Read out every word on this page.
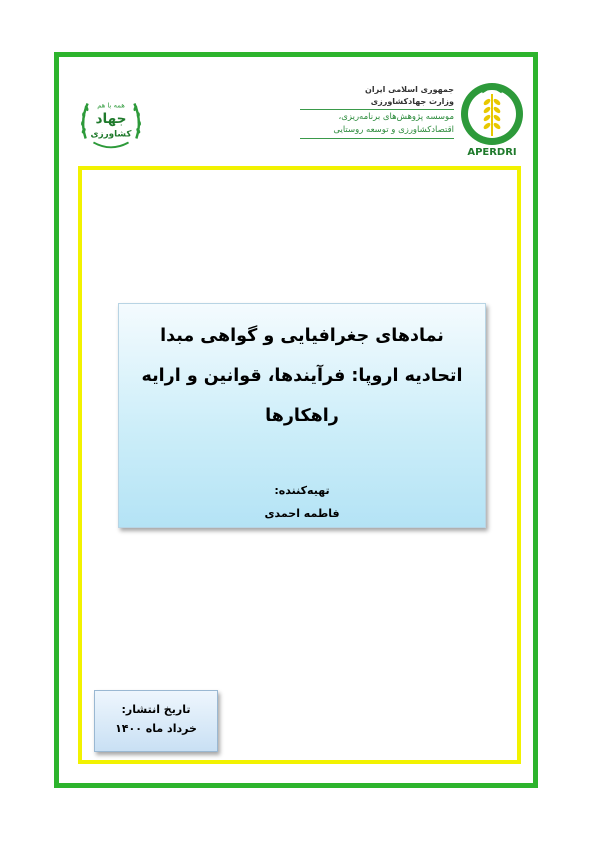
همه با هم
جهاد
کشاورزی
جمهوری اسلامی ایران
وزارت جهادکشاورزی
موسسه پژوهش‌های برنامه‌ریزی،
اقتصادکشاورزی و توسعه روستایی
APERDRI
نمادهای جغرافیایی و گواهی مبدا اتحادیه اروپا: فرآیندها، قوانین و ارایه راهکارها
تهیه‌کننده:
فاطمه احمدی
تاریخ انتشار:
خرداد ماه ۱۴۰۰
